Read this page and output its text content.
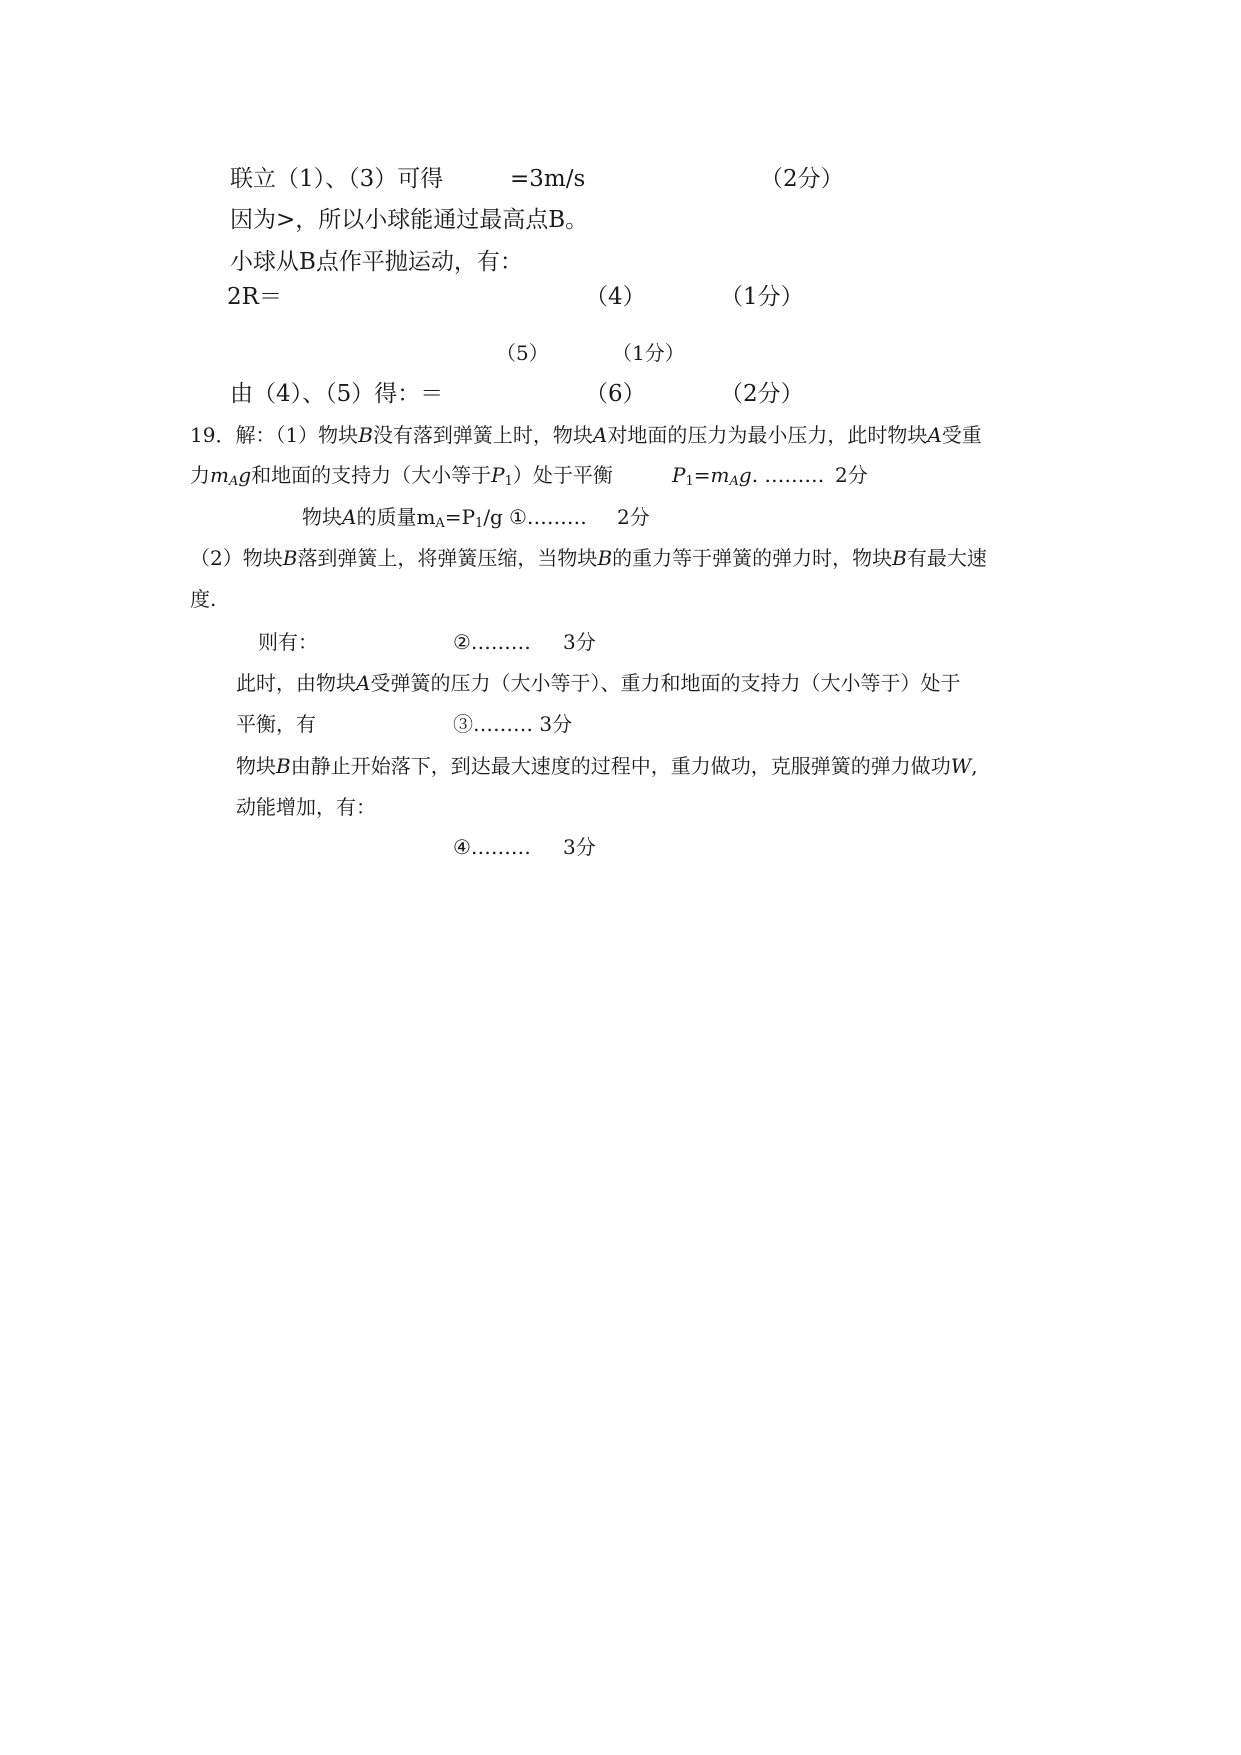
联立（1）、（3）可得	=3m/s	（2分）
因为>，所以小球能通过最高点B。
小球从B点作平抛运动，有：
2R＝	（4）	（1分）
（5）	（1分）
由（4）、（5）得：＝	（6）	（2分）
19．解：（1）物块B没有落到弹簧上时，物块A对地面的压力为最小压力，此时物块A受重
力$m_Ag$和地面的支持力（大小等于$P_1$）处于平衡	$P_1=m_Ag$. ……… 2分
物块A的质量$m_A=P_1/g$ ①……… 2分
（2）物块B落到弹簧上，将弹簧压缩，当物块B的重力等于弹簧的弹力时，物块B有最大速
度.
则有：	②……… 3分
此时，由物块A受弹簧的压力（大小等于）、重力和地面的支持力（大小等于）处于
平衡，有	③……… 3分
物块B由静止开始落下，到达最大速度的过程中，重力做功，克服弹簧的弹力做功W,
动能增加，有：
④……… 3分
